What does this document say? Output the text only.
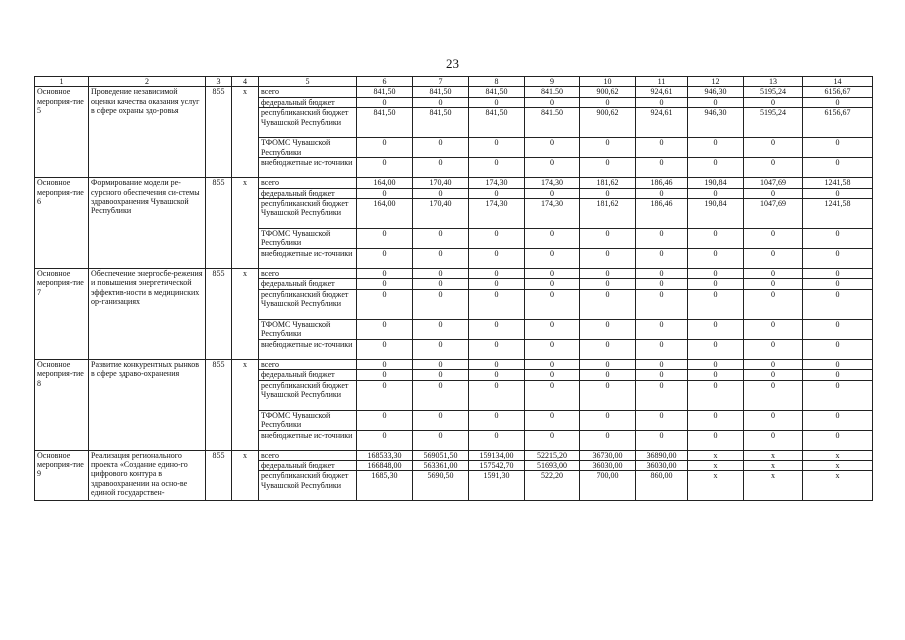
23
1	2	3	4	5	6	7	8	9	10	11	12	13	14
Основное мероприя-тие 5	Проведение независимой оценки качества оказания услуг в сфере охраны здо-ровья	855	x	всего	841,50	841,50	841,50	841.50	900,62	924,61	946,30	5195,24	6156,67
				федеральный бюджет	0	0	0	0	0	0	0	0	0
				республиканский бюджет Чувашской Республики	841,50	841,50	841,50	841.50	900,62	924,61	946,30	5195,24	6156,67
				ТФОМС Чувашской Республики	0	0	0	0	0	0	0	0	0
				внебюджетные ис-точники	0	0	0	0	0	0	0	0	0
Основное мероприя-тие 6	Формирование модели ре-сурсного обеспечения си-стемы здравоохранения Чувашской Республики	855	x	всего	164,00	170,40	174,30	174,30	181,62	186,46	190,84	1047,69	1241,58
				федеральный бюджет	0	0	0	0	0	0	0	0	0
				республиканский бюджет Чувашской Республики	164,00	170,40	174,30	174,30	181,62	186,46	190,84	1047,69	1241,58
				ТФОМС Чувашской Республики	0	0	0	0	0	0	0	0	0
				внебюджетные ис-точники	0	0	0	0	0	0	0	0	0
Основное мероприя-тие 7	Обеспечение энергосбе-режения и повышения энергетической эффектив-ности в медицинских ор-ганизациях	855	x	всего	0	0	0	0	0	0	0	0	0
				федеральный бюджет	0	0	0	0	0	0	0	0	0
				республиканский бюджет Чувашской Республики	0	0	0	0	0	0	0	0	0
				ТФОМС Чувашской Республики	0	0	0	0	0	0	0	0	0
				внебюджетные ис-точники	0	0	0	0	0	0	0	0	0
Основное мероприя-тие 8	Развитие конкурентных рынков в сфере здраво-охранения	855	x	всего	0	0	0	0	0	0	0	0	0
				федеральный бюджет	0	0	0	0	0	0	0	0	0
				республиканский бюджет Чувашской Республики	0	0	0	0	0	0	0	0	0
				ТФОМС Чувашской Республики	0	0	0	0	0	0	0	0	0
				внебюджетные ис-точники	0	0	0	0	0	0	0	0	0
Основное мероприя-тие 9	Реализация регионального проекта «Создание едино-го цифрового контура в здравоохранении на осно-ве единой государствен-	855	x	всего	168533,30	569051,50	159134,00	52215,20	36730,00	36890,00	x	x	x
				федеральный бюджет	166848,00	563361,00	157542,70	51693,00	36030,00	36030,00	x	x	x
				республиканский бюджет Чувашской Республики	1685,30	5690,50	1591,30	522,20	700,00	860,00	x	x	x
